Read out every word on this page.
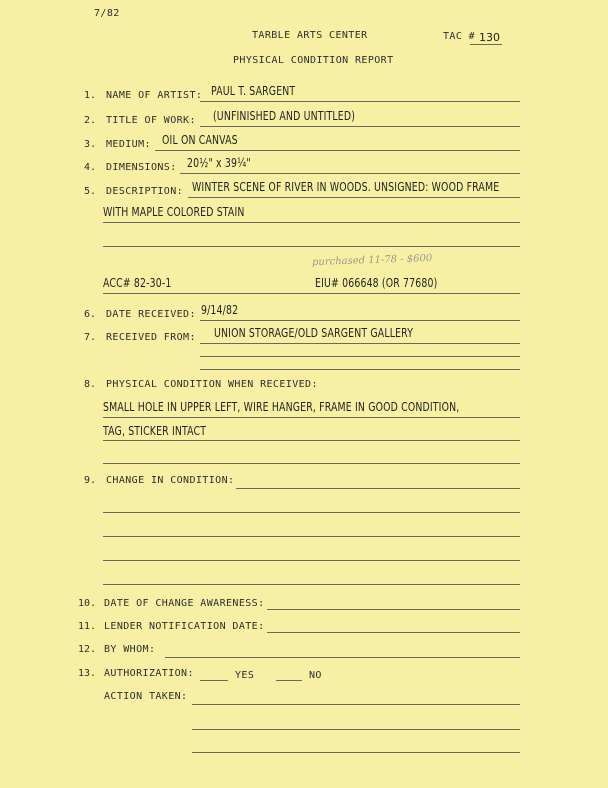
7/82
TARBLE ARTS CENTER
PHYSICAL CONDITION REPORT
TAC # 130
1. NAME OF ARTIST: PAUL T. SARGENT
2. TITLE OF WORK: (UNFINISHED AND UNTITLED)
3. MEDIUM: OIL ON CANVAS
4. DIMENSIONS: 20½" x 39¼"
5. DESCRIPTION: WINTER SCENE OF RIVER IN WOODS. UNSIGNED: WOOD FRAME
WITH MAPLE COLORED STAIN
purchased 11-78 - $600
ACC# 82-30-1	EIU# 066648 (OR 77680)
6. DATE RECEIVED: 9/14/82
7. RECEIVED FROM: UNION STORAGE/OLD SARGENT GALLERY
8. PHYSICAL CONDITION WHEN RECEIVED:
SMALL HOLE IN UPPER LEFT, WIRE HANGER, FRAME IN GOOD CONDITION,
TAG, STICKER INTACT
9. CHANGE IN CONDITION:
10. DATE OF CHANGE AWARENESS:
11. LENDER NOTIFICATION DATE:
12. BY WHOM:
13. AUTHORIZATION:	YES	NO
ACTION TAKEN:
